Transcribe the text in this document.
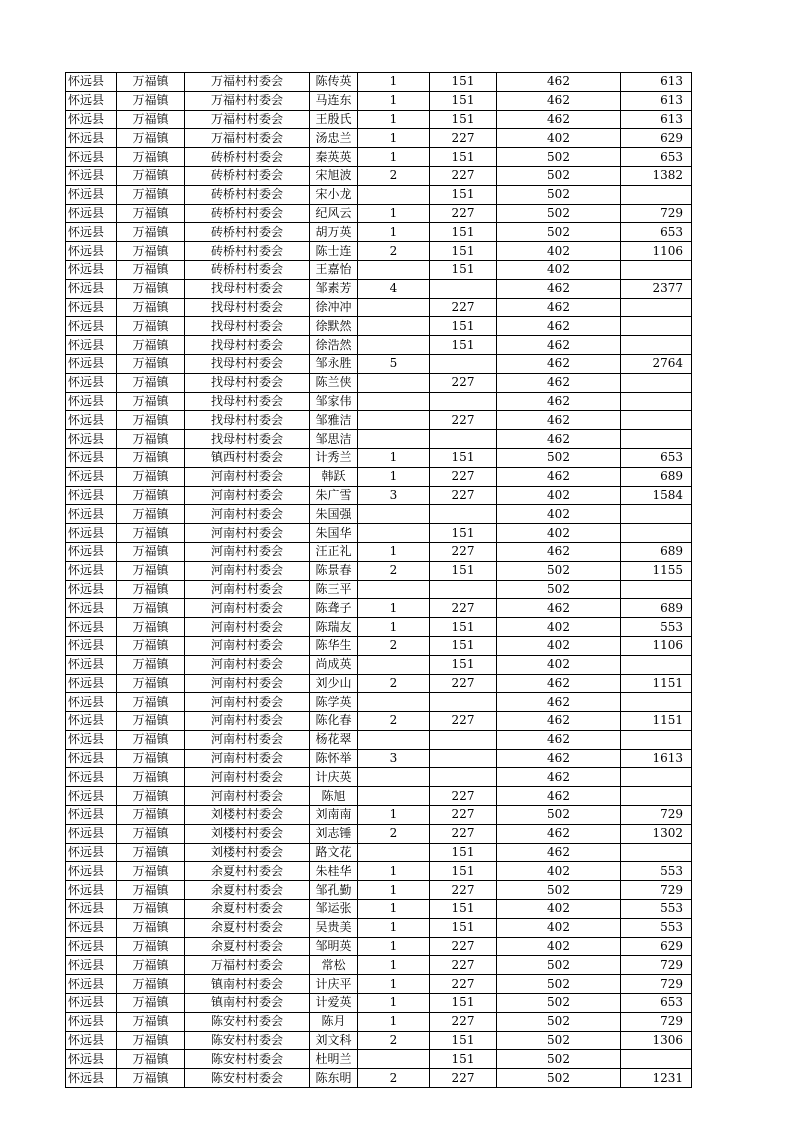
怀远县	万福镇	万福村村委会	陈传英	1	151	462	613
怀远县	万福镇	万福村村委会	马连东	1	151	462	613
怀远县	万福镇	万福村村委会	王殷氏	1	151	462	613
怀远县	万福镇	万福村村委会	汤忠兰	1	227	402	629
怀远县	万福镇	砖桥村村委会	秦英英	1	151	502	653
怀远县	万福镇	砖桥村村委会	宋旭波	2	227	502	1382
怀远县	万福镇	砖桥村村委会	宋小龙		151	502	
怀远县	万福镇	砖桥村村委会	纪风云	1	227	502	729
怀远县	万福镇	砖桥村村委会	胡万英	1	151	502	653
怀远县	万福镇	砖桥村村委会	陈士连	2	151	402	1106
怀远县	万福镇	砖桥村村委会	王嘉怡		151	402	
怀远县	万福镇	找母村村委会	邹素芳	4		462	2377
怀远县	万福镇	找母村村委会	徐冲冲		227	462	
怀远县	万福镇	找母村村委会	徐默然		151	462	
怀远县	万福镇	找母村村委会	徐浩然		151	462	
怀远县	万福镇	找母村村委会	邹永胜	5		462	2764
怀远县	万福镇	找母村村委会	陈兰侠		227	462	
怀远县	万福镇	找母村村委会	邹家伟			462	
怀远县	万福镇	找母村村委会	邹雅洁		227	462	
怀远县	万福镇	找母村村委会	邹思洁			462	
怀远县	万福镇	镇西村村委会	计秀兰	1	151	502	653
怀远县	万福镇	河南村村委会	韩跃	1	227	462	689
怀远县	万福镇	河南村村委会	朱广雪	3	227	402	1584
怀远县	万福镇	河南村村委会	朱国强			402	
怀远县	万福镇	河南村村委会	朱国华		151	402	
怀远县	万福镇	河南村村委会	汪正礼	1	227	462	689
怀远县	万福镇	河南村村委会	陈景春	2	151	502	1155
怀远县	万福镇	河南村村委会	陈三平			502	
怀远县	万福镇	河南村村委会	陈聋子	1	227	462	689
怀远县	万福镇	河南村村委会	陈瑞友	1	151	402	553
怀远县	万福镇	河南村村委会	陈华生	2	151	402	1106
怀远县	万福镇	河南村村委会	尚成英		151	402	
怀远县	万福镇	河南村村委会	刘少山	2	227	462	1151
怀远县	万福镇	河南村村委会	陈学英			462	
怀远县	万福镇	河南村村委会	陈化春	2	227	462	1151
怀远县	万福镇	河南村村委会	杨花翠			462	
怀远县	万福镇	河南村村委会	陈怀举	3		462	1613
怀远县	万福镇	河南村村委会	计庆英			462	
怀远县	万福镇	河南村村委会	陈旭		227	462	
怀远县	万福镇	刘楼村村委会	刘南南	1	227	502	729
怀远县	万福镇	刘楼村村委会	刘志锤	2	227	462	1302
怀远县	万福镇	刘楼村村委会	路文花		151	462	
怀远县	万福镇	余夏村村委会	朱桂华	1	151	402	553
怀远县	万福镇	余夏村村委会	邹孔勤	1	227	502	729
怀远县	万福镇	余夏村村委会	邹运张	1	151	402	553
怀远县	万福镇	余夏村村委会	吴贵美	1	151	402	553
怀远县	万福镇	余夏村村委会	邹明英	1	227	402	629
怀远县	万福镇	万福村村委会	常松	1	227	502	729
怀远县	万福镇	镇南村村委会	计庆平	1	227	502	729
怀远县	万福镇	镇南村村委会	计爱英	1	151	502	653
怀远县	万福镇	陈安村村委会	陈月	1	227	502	729
怀远县	万福镇	陈安村村委会	刘文科	2	151	502	1306
怀远县	万福镇	陈安村村委会	杜明兰		151	502	
怀远县	万福镇	陈安村村委会	陈东明	2	227	502	1231
